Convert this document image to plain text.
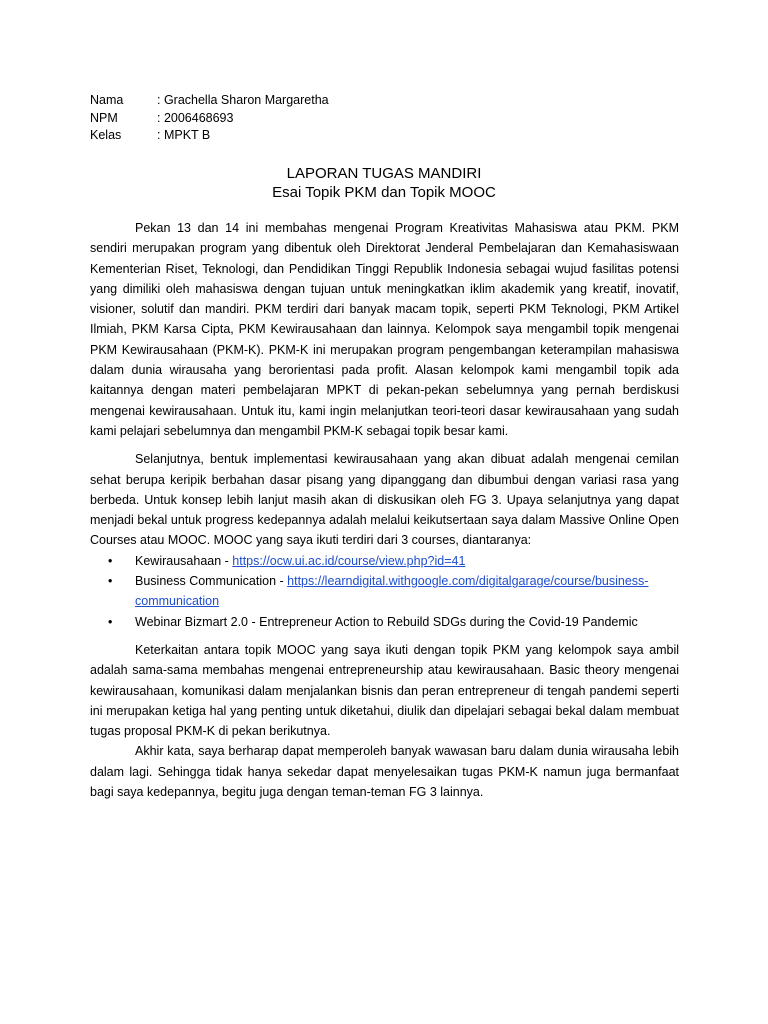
Nama	: Grachella Sharon Margaretha
NPM	: 2006468693
Kelas	: MPKT B
LAPORAN TUGAS MANDIRI
Esai Topik PKM dan Topik MOOC

Pekan 13 dan 14 ini membahas mengenai Program Kreativitas Mahasiswa atau PKM. PKM sendiri merupakan program yang dibentuk oleh Direktorat Jenderal Pembelajaran dan Kemahasiswaan Kementerian Riset, Teknologi, dan Pendidikan Tinggi Republik Indonesia sebagai wujud fasilitas potensi yang dimiliki oleh mahasiswa dengan tujuan untuk meningkatkan iklim akademik yang kreatif, inovatif, visioner, solutif dan mandiri. PKM terdiri dari banyak macam topik, seperti PKM Teknologi, PKM Artikel Ilmiah, PKM Karsa Cipta, PKM Kewirausahaan dan lainnya. Kelompok saya mengambil topik mengenai PKM Kewirausahaan (PKM-K). PKM-K ini merupakan program pengembangan keterampilan mahasiswa dalam dunia wirausaha yang berorientasi pada profit. Alasan kelompok kami mengambil topik ada kaitannya dengan materi pembelajaran MPKT di pekan-pekan sebelumnya yang pernah berdiskusi mengenai kewirausahaan. Untuk itu, kami ingin melanjutkan teori-teori dasar kewirausahaan yang sudah kami pelajari sebelumnya dan mengambil PKM-K sebagai topik besar kami.

Selanjutnya, bentuk implementasi kewirausahaan yang akan dibuat adalah mengenai cemilan sehat berupa keripik berbahan dasar pisang yang dipanggang dan dibumbui dengan variasi rasa yang berbeda. Untuk konsep lebih lanjut masih akan di diskusikan oleh FG 3. Upaya selanjutnya yang dapat menjadi bekal untuk progress kedepannya adalah melalui keikutsertaan saya dalam Massive Online Open Courses atau MOOC. MOOC yang saya ikuti terdiri dari 3 courses, diantaranya:

• Kewirausahaan - https://ocw.ui.ac.id/course/view.php?id=41
• Business Communication - https://learndigital.withgoogle.com/digitalgarage/course/business-communication
• Webinar Bizmart 2.0 - Entrepreneur Action to Rebuild SDGs during the Covid-19 Pandemic

Keterkaitan antara topik MOOC yang saya ikuti dengan topik PKM yang kelompok saya ambil adalah sama-sama membahas mengenai entrepreneurship atau kewirausahaan. Basic theory mengenai kewirausahaan, komunikasi dalam menjalankan bisnis dan peran entrepreneur di tengah pandemi seperti ini merupakan ketiga hal yang penting untuk diketahui, diulik dan dipelajari sebagai bekal dalam membuat tugas proposal PKM-K di pekan berikutnya.

Akhir kata, saya berharap dapat memperoleh banyak wawasan baru dalam dunia wirausaha lebih dalam lagi. Sehingga tidak hanya sekedar dapat menyelesaikan tugas PKM-K namun juga bermanfaat bagi saya kedepannya, begitu juga dengan teman-teman FG 3 lainnya.
